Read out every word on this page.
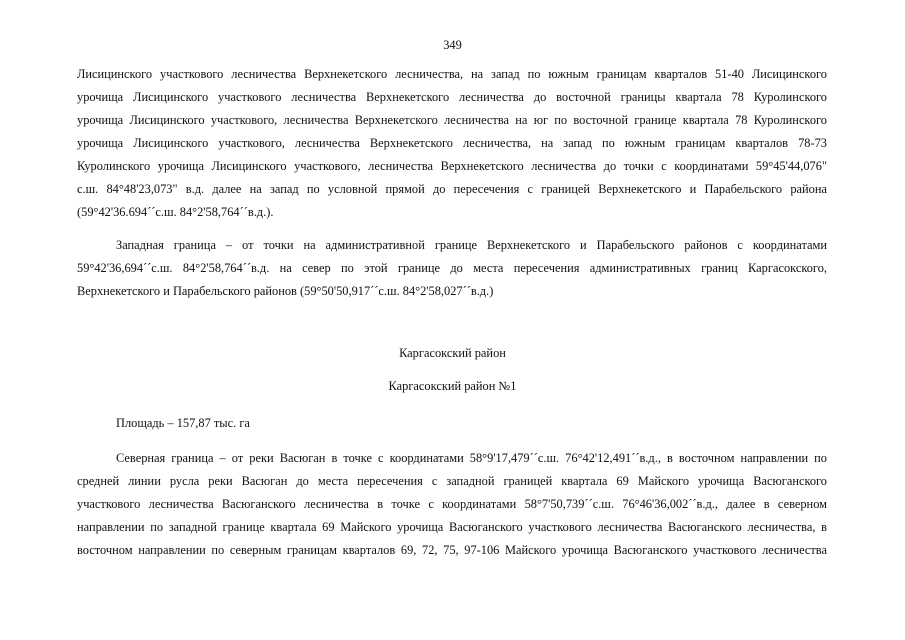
349
Лисицинского участкового лесничества Верхнекетского лесничества, на запад по южным границам кварталов 51-40 Лисицинского
урочища Лисицинского участкового лесничества Верхнекетского лесничества до восточной границы квартала 78 Куролинского
урочища Лисицинского участкового, лесничества Верхнекетского лесничества на юг по восточной границе квартала 78 Куролинского
урочища Лисицинского участкового, лесничества Верхнекетского лесничества, на запад по южным границам кварталов 78-73
Куролинского урочища Лисицинского участкового, лесничества Верхнекетского лесничества до точки с координатами 59°45'44,076"
с.ш. 84°48'23,073" в.д. далее на запад по условной прямой до пересечения с границей Верхнекетского и Парабельского района
(59°42'36.694´´с.ш. 84°2'58,764´´в.д.).
Западная граница – от точки на административной границе Верхнекетского и Парабельского районов с координатами
59°42'36,694´´с.ш. 84°2'58,764´´в.д. на север по этой границе до места пересечения административных границ Каргасокского,
Верхнекетского и Парабельского районов (59°50'50,917´´с.ш. 84°2'58,027´´в.д.)
Каргасокский район
Каргасокский район №1
Площадь – 157,87 тыс. га
Северная граница – от реки Васюган в точке с координатами 58°9'17,479´´с.ш. 76°42'12,491´´в.д., в восточном направлении по
средней линии русла реки Васюган до места пересечения с западной границей квартала 69 Майского урочища Васюганского
участкового лесничества Васюганского лесничества в точке с координатами 58°7'50,739´´с.ш. 76°46'36,002´´в.д., далее в северном
направлении по западной границе квартала 69 Майского урочища Васюганского участкового лесничества Васюганского лесничества, в
восточном направлении по северным границам кварталов 69, 72, 75, 97-106 Майского урочища Васюганского участкового лесничества
